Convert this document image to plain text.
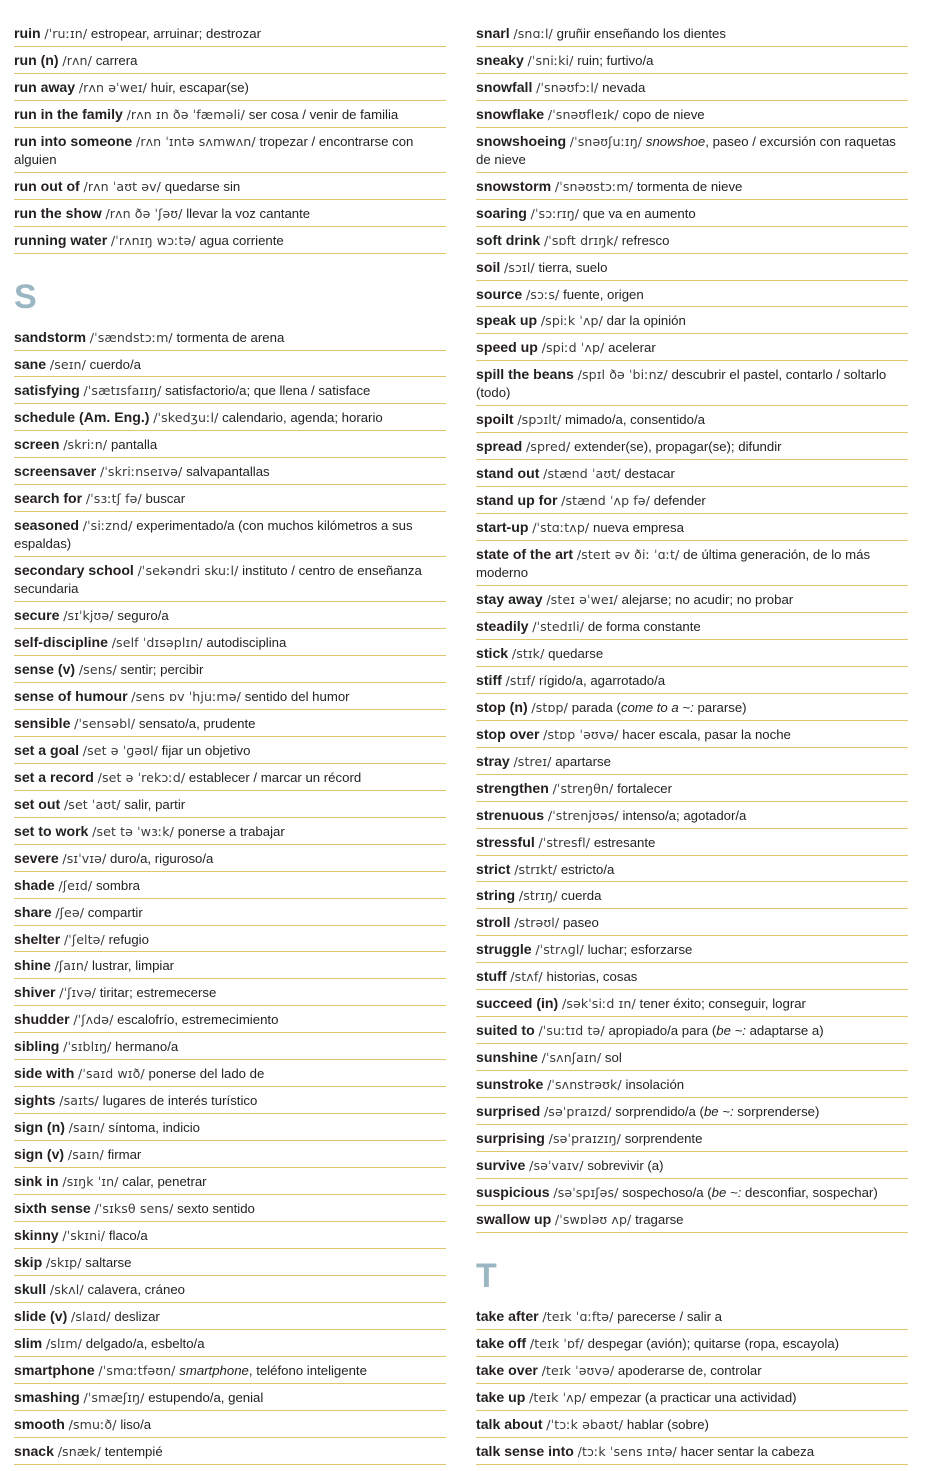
ruin /ˈruːɪn/ estropear, arruinar; destrozar
run (n) /rʌn/ carrera
run away /rʌn əˈweɪ/ huir, escapar(se)
run in the family /rʌn ɪn ðə ˈfæməli/ ser cosa / venir de familia
run into someone /rʌn ˈɪntə sʌmwʌn/ tropezar / encontrarse con alguien
run out of /rʌn ˈaʊt əv/ quedarse sin
run the show /rʌn ðə ˈʃəʊ/ llevar la voz cantante
running water /ˈrʌnɪŋ wɔːtə/ agua corriente
S
sandstorm /ˈsændstɔːm/ tormenta de arena
sane /seɪn/ cuerdo/a
satisfying /ˈsætɪsfaɪɪŋ/ satisfactorio/a; que llena / satisface
schedule (Am. Eng.) /ˈskedʒuːl/ calendario, agenda; horario
screen /skriːn/ pantalla
screensaver /ˈskriːnseɪvə/ salvapantallas
search for /ˈsɜːtʃ fə/ buscar
seasoned /ˈsiːznd/ experimentado/a (con muchos kilómetros a sus espaldas)
secondary school /ˈsekəndri skuːl/ instituto / centro de enseñanza secundaria
secure /sɪˈkjʊə/ seguro/a
self-discipline /self ˈdɪsəplɪn/ autodisciplina
sense (v) /sens/ sentir; percibir
sense of humour /sens ɒv ˈhjuːmə/ sentido del humor
sensible /ˈsensəbl/ sensato/a, prudente
set a goal /set ə ˈɡəʊl/ fijar un objetivo
set a record /set ə ˈrekɔːd/ establecer / marcar un récord
set out /set ˈaʊt/ salir, partir
set to work /set tə ˈwɜːk/ ponerse a trabajar
severe /sɪˈvɪə/ duro/a, riguroso/a
shade /ʃeɪd/ sombra
share /ʃeə/ compartir
shelter /ˈʃeltə/ refugio
shine /ʃaɪn/ lustrar, limpiar
shiver /ˈʃɪvə/ tiritar; estremecerse
shudder /ˈʃʌdə/ escalofrío, estremecimiento
sibling /ˈsɪblɪŋ/ hermano/a
side with /ˈsaɪd wɪð/ ponerse del lado de
sights /saɪts/ lugares de interés turístico
sign (n) /saɪn/ síntoma, indicio
sign (v) /saɪn/ firmar
sink in /sɪŋk ˈɪn/ calar, penetrar
sixth sense /ˈsɪksθ sens/ sexto sentido
skinny /ˈskɪni/ flaco/a
skip /skɪp/ saltarse
skull /skʌl/ calavera, cráneo
slide (v) /slaɪd/ deslizar
slim /slɪm/ delgado/a, esbelto/a
smartphone /ˈsmɑːtfəʊn/ smartphone, teléfono inteligente
smashing /ˈsmæʃɪŋ/ estupendo/a, genial
smooth /smuːð/ liso/a
snack /snæk/ tentempié
snarl /snɑːl/ gruñir enseñando los dientes
sneaky /ˈsniːki/ ruin; furtivo/a
snowfall /ˈsnəʊfɔːl/ nevada
snowflake /ˈsnəʊfleɪk/ copo de nieve
snowshoeing /ˈsnəʊʃuːɪŋ/ snowshoe, paseo / excursión con raquetas de nieve
snowstorm /ˈsnəʊstɔːm/ tormenta de nieve
soaring /ˈsɔːrɪŋ/ que va en aumento
soft drink /ˈsɒft drɪŋk/ refresco
soil /sɔɪl/ tierra, suelo
source /sɔːs/ fuente, origen
speak up /spiːk ˈʌp/ dar la opinión
speed up /spiːd ˈʌp/ acelerar
spill the beans /spɪl ðə ˈbiːnz/ descubrir el pastel, contarlo / soltarlo (todo)
spoilt /spɔɪlt/ mimado/a, consentido/a
spread /spred/ extender(se), propagar(se); difundir
stand out /stænd ˈaʊt/ destacar
stand up for /stænd ˈʌp fə/ defender
start-up /ˈstɑːtʌp/ nueva empresa
state of the art /steɪt əv ðiː ˈɑːt/ de última generación, de lo más moderno
stay away /steɪ əˈweɪ/ alejarse; no acudir; no probar
steadily /ˈstedɪli/ de forma constante
stick /stɪk/ quedarse
stiff /stɪf/ rígido/a, agarrotado/a
stop (n) /stɒp/ parada (come to a ~: pararse)
stop over /stɒp ˈəʊvə/ hacer escala, pasar la noche
stray /streɪ/ apartarse
strengthen /ˈstreŋθn/ fortalecer
strenuous /ˈstrenjʊəs/ intenso/a; agotador/a
stressful /ˈstresfl/ estresante
strict /strɪkt/ estricto/a
string /strɪŋ/ cuerda
stroll /strəʊl/ paseo
struggle /ˈstrʌɡl/ luchar; esforzarse
stuff /stʌf/ historias, cosas
succeed (in) /səkˈsiːd ɪn/ tener éxito; conseguir, lograr
suited to /ˈsuːtɪd tə/ apropiado/a para (be ~: adaptarse a)
sunshine /ˈsʌnʃaɪn/ sol
sunstroke /ˈsʌnstrəʊk/ insolación
surprised /səˈpraɪzd/ sorprendido/a (be ~: sorprenderse)
surprising /səˈpraɪzɪŋ/ sorprendente
survive /səˈvaɪv/ sobrevivir (a)
suspicious /səˈspɪʃəs/ sospechoso/a (be ~: desconfiar, sospechar)
swallow up /ˈswɒləʊ ʌp/ tragarse
T
take after /teɪk ˈɑːftə/ parecerse / salir a
take off /teɪk ˈɒf/ despegar (avión); quitarse (ropa, escayola)
take over /teɪk ˈəʊvə/ apoderarse de, controlar
take up /teɪk ˈʌp/ empezar (a practicar una actividad)
talk about /ˈtɔːk əbaʊt/ hablar (sobre)
talk sense into /tɔːk ˈsens ɪntə/ hacer sentar la cabeza
